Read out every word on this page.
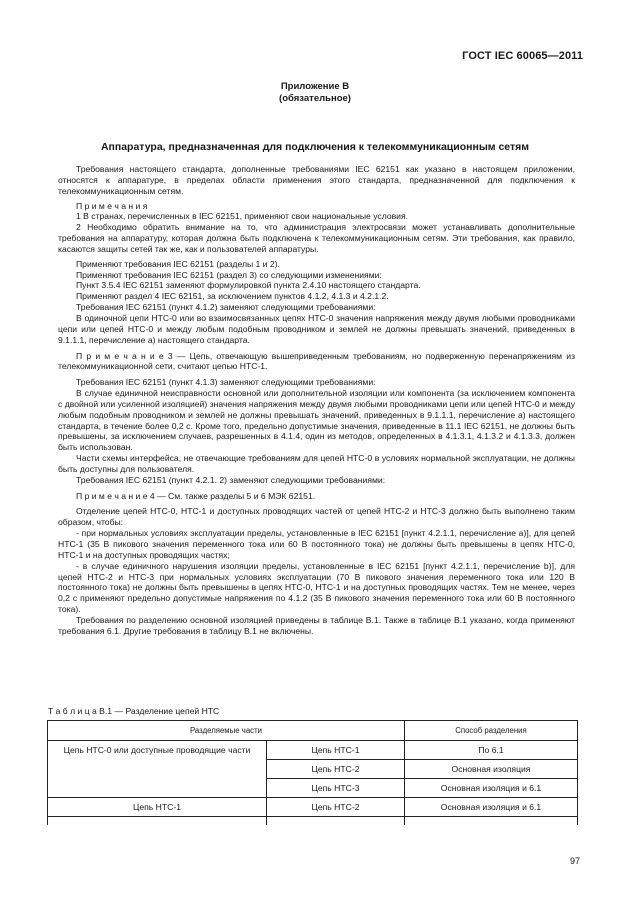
ГОСТ IEC 60065—2011
Приложение В
(обязательное)
Аппаратура, предназначенная для подключения к телекоммуникационным сетям

Требования настоящего стандарта, дополненные требованиями IEC 62151 как указано в настоящем приложении, относятся к аппаратуре, в пределах области применения этого стандарта, предназначенной для подключения к телекоммуникационным сетям.

П р и м е ч а н и я

1 В странах, перечисленных в IEC 62151, применяют свои национальные условия.

2 Необходимо обратить внимание на то, что администрация электросвязи может устанавливать дополнительные требования на аппаратуру, которая должна быть подключена к телекоммуникационным сетям. Эти требования, как правило, касаются защиты сетей так же, как и пользователей аппаратуры.

Применяют требования IEC 62151 (разделы 1 и 2).

Применяют требования IEC 62151 (раздел 3) со следующими изменениями:

Пункт 3.5.4 IEC 62151 заменяют формулировкой пункта 2.4.10 настоящего стандарта.

Применяют раздел 4 IEC 62151, за исключением пунктов 4.1.2, 4.1.3 и 4.2.1.2.

Требования IEC 62151 (пункт 4.1.2) заменяют следующими требованиями:

В одиночной цепи НТС-0 или во взаимосвязанных цепях НТС-0 значения напряжения между двумя любыми проводниками цепи или цепей НТС-0 и между любым подобным проводником и землей не должны превышать значений, приведенных в 9.1.1.1, перечисление a) настоящего стандарта.

П р и м е ч а н и е 3 — Цепь, отвечающую вышеприведенным требованиям, но подверженную перенапряжениям из телекоммуникационной сети, считают цепью НТС-1.

Требования IEC 62151 (пункт 4.1.3) заменяют следующими требованиями:

В случае единичной неисправности основной или дополнительной изоляции или компонента (за исключением компонента с двойной или усиленной изоляцией) значения напряжения между двумя любыми проводниками цепи или цепей НТС-0 и между любым подобным проводником и землей не должны превышать значений, приведенных в 9.1.1.1, перечисление a) настоящего стандарта, в течение более 0,2 с. Кроме того, предельно допустимые значения, приведенные в 11.1 IEC 62151, не должны быть превышены, за исключением случаев, разрешенных в 4.1.4, один из методов, определенных в 4.1.3.1, 4.1.3.2 и 4.1.3.3, должен быть использован.

Части схемы интерфейса, не отвечающие требованиям для цепей НТС-0 в условиях нормальной эксплуатации, не должны быть доступны для пользователя.

Требования IEC 62151 (пункт 4.2.1. 2) заменяют следующими требованиями:

П р и м е ч а н и е 4 — См. также разделы 5 и 6 МЭК 62151.

Отделение цепей НТС-0, НТС-1 и доступных проводящих частей от цепей НТС-2 и НТС-3 должно быть выполнено таким образом, чтобы:

- при нормальных условиях эксплуатации пределы, установленные в IEC 62151 [пункт 4.2.1.1, перечисление a)], для цепей НТС-1 (35 В пикового значения переменного тока или 60 В постоянного тока) не должны быть превышены в цепях НТС-0, НТС-1 и на доступных проводящих частях;

- в случае единичного нарушения изоляции пределы, установленные в IEC 62151 [пункт 4.2.1.1, перечисление b)], для цепей НТС-2 и НТС-3 при нормальных условиях эксплуатации (70 В пикового значения переменного тока или 120 В постоянного тока) не должны быть превышены в цепях НТС-0, НТС-1 и на доступных проводящих частях. Тем не менее, через 0,2 с применяют предельно допустимые напряжения по 4.1.2 (35 В пикового значения переменного тока или 60 В постоянного тока).

Требования по разделению основной изоляцией приведены в таблице В.1. Также в таблице В.1 указано, когда применяют требования 6.1. Другие требования в таблицу В.1 не включены.

Т а б л и ц а В.1 — Разделение цепей НТС
Разделяемые части		Способ разделения
Цепь НТС-0 или доступные проводящие части	Цепь НТС-1	По 6.1
	Цепь НТС-2	Основная изоляция
	Цепь НТС-3	Основная изоляция и 6.1
Цепь НТС-1	Цепь НТС-2	Основная изоляция и 6.1

97
